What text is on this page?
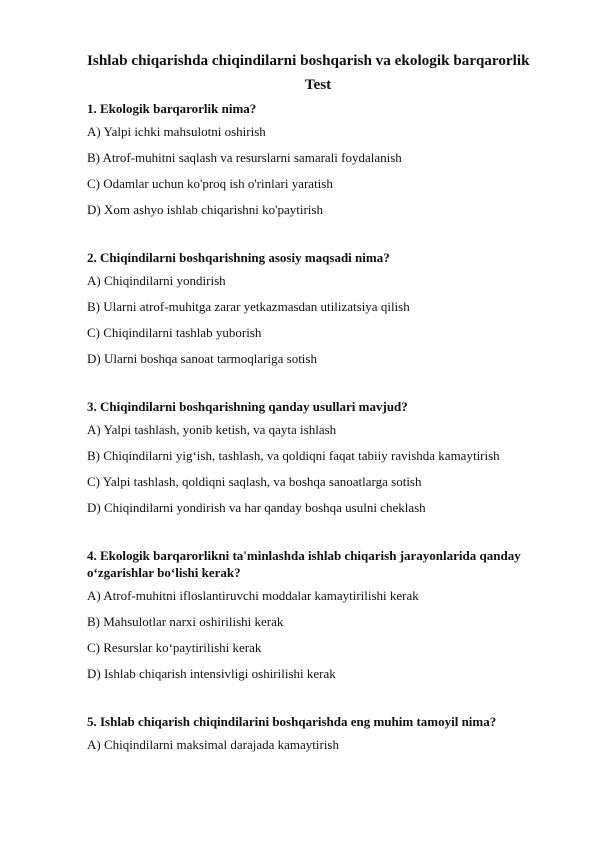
Ishlab chiqarishda chiqindilarni boshqarish va ekologik barqarorlik
Test

1. Ekologik barqarorlik nima?

A) Yalpi ichki mahsulotni oshirish

B) Atrof-muhitni saqlash va resurslarni samarali foydalanish

C) Odamlar uchun ko'proq ish o'rinlari yaratish

D) Xom ashyo ishlab chiqarishni ko'paytirish

2. Chiqindilarni boshqarishning asosiy maqsadi nima?

A) Chiqindilarni yondirish

B) Ularni atrof-muhitga zarar yetkazmasdan utilizatsiya qilish

C) Chiqindilarni tashlab yuborish

D) Ularni boshqa sanoat tarmoqlariga sotish

3. Chiqindilarni boshqarishning qanday usullari mavjud?

A) Yalpi tashlash, yonib ketish, va qayta ishlash

B) Chiqindilarni yig‘ish, tashlash, va qoldiqni faqat tabiiy ravishda kamaytirish

C) Yalpi tashlash, qoldiqni saqlash, va boshqa sanoatlarga sotish

D) Chiqindilarni yondirish va har qanday boshqa usulni cheklash

4. Ekologik barqarorlikni ta'minlashda ishlab chiqarish jarayonlarida qanday o‘zgarishlar bo‘lishi kerak?

A) Atrof-muhitni ifloslantiruvchi moddalar kamaytirilishi kerak

B) Mahsulotlar narxi oshirilishi kerak

C) Resurslar ko‘paytirilishi kerak

D) Ishlab chiqarish intensivligi oshirilishi kerak

5. Ishlab chiqarish chiqindilarini boshqarishda eng muhim tamoyil nima?

A) Chiqindilarni maksimal darajada kamaytirish
